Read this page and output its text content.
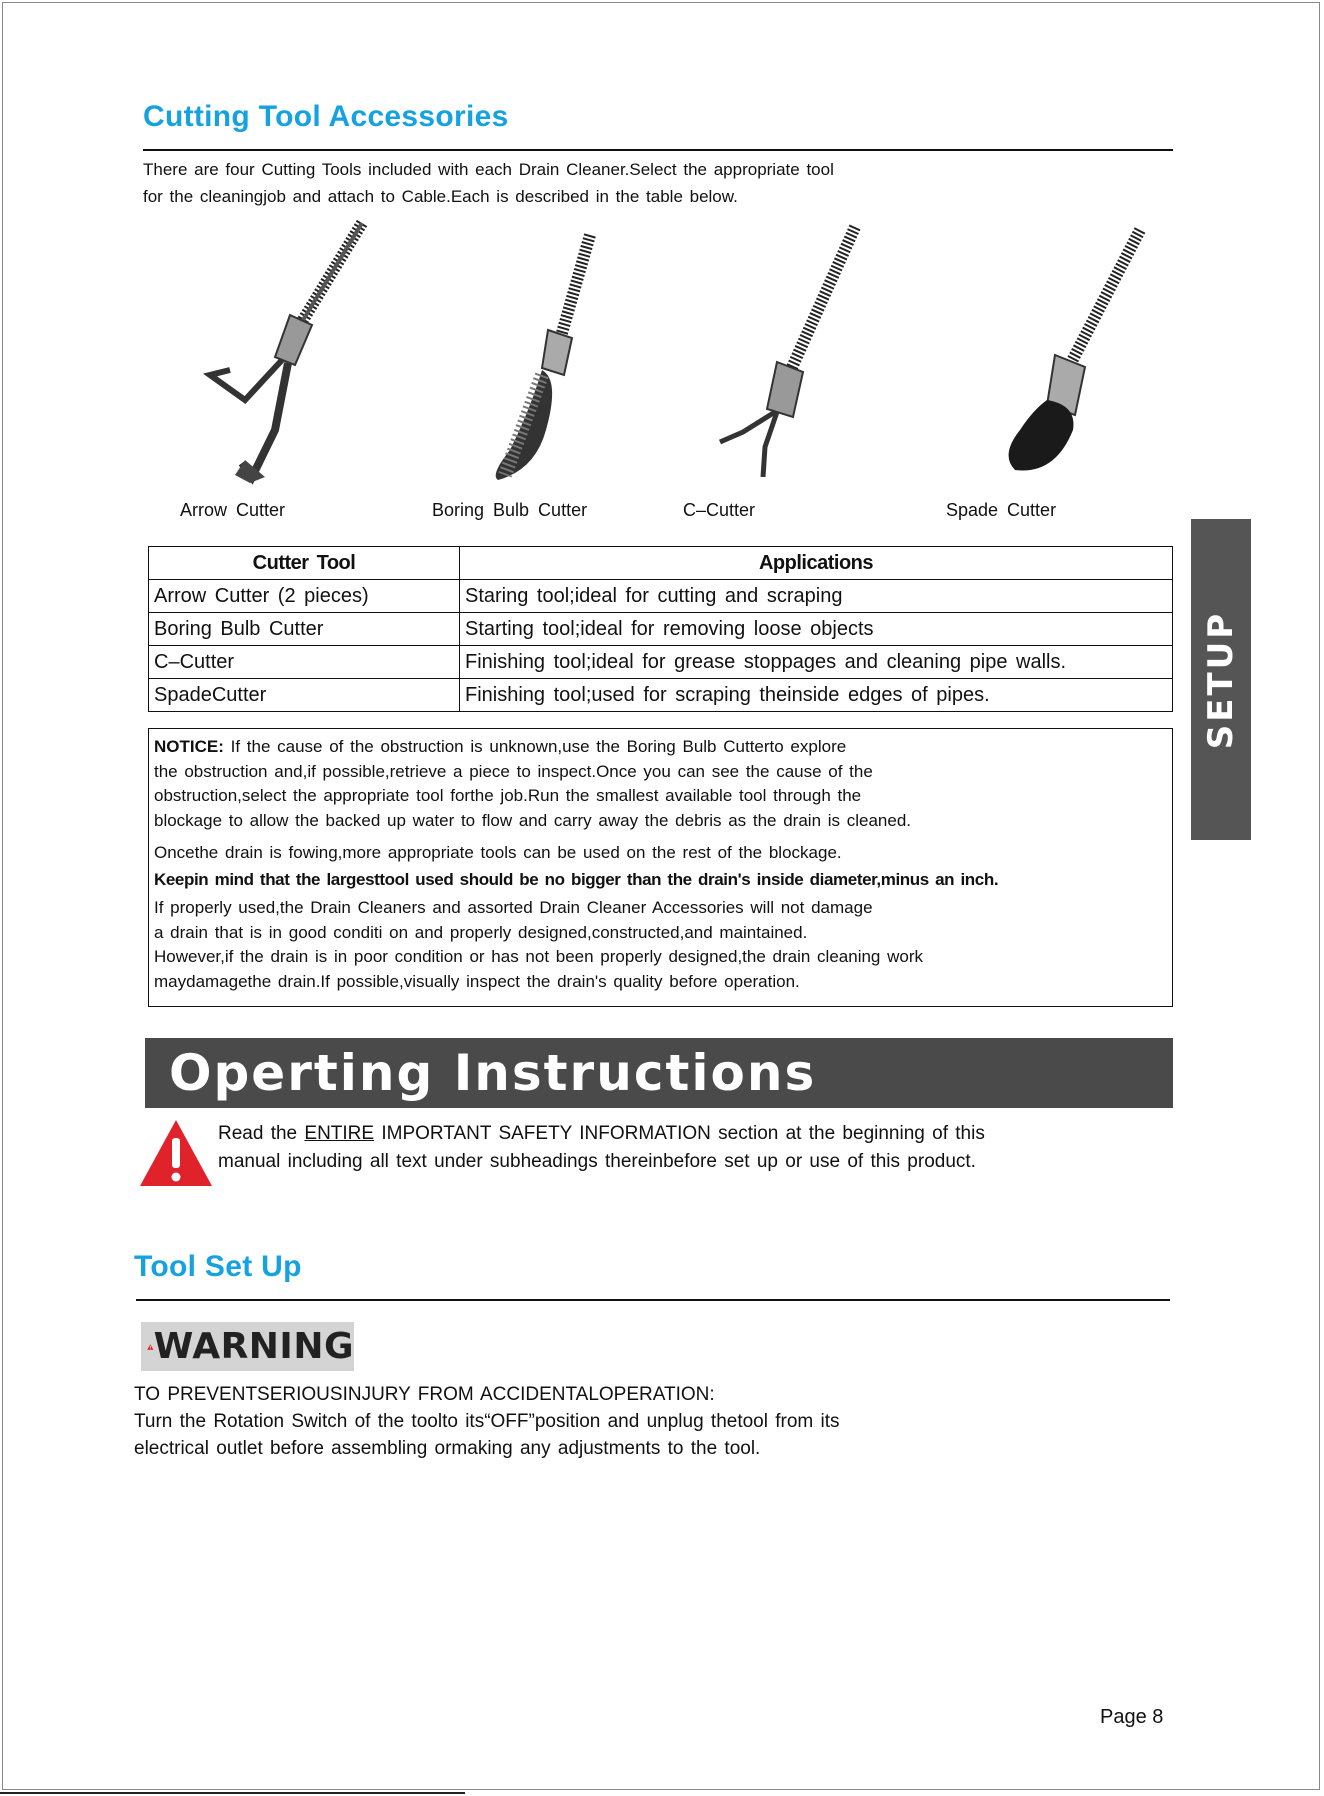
Cutting Tool Accessories
There are four Cutting Tools included with each Drain Cleaner.Select the appropriate tool
for the cleaningjob and attach to Cable.Each is described in the table below.
Arrow Cutter	Boring Bulb Cutter	C–Cutter	Spade Cutter
Cutter Tool	Applications
Arrow Cutter (2 pieces)	Staring tool;ideal for cutting and scraping
Boring Bulb Cutter	Starting tool;ideal for removing loose objects
C–Cutter	Finishing tool;ideal for grease stoppages and cleaning pipe walls.
SpadeCutter	Finishing tool;used for scraping theinside edges of pipes.

NOTICE: If the cause of the obstruction is unknown,use the Boring Bulb Cutterto explore

the obstruction and,if possible,retrieve a piece to inspect.Once you can see the cause of the

obstruction,select the appropriate tool forthe job.Run the smallest available tool through the

blockage to allow the backed up water to flow and carry away the debris as the drain is cleaned.

Oncethe drain is fowing,more appropriate tools can be used on the rest of the blockage.

Keepin mind that the largesttool used should be no bigger than the drain's inside diameter,minus an inch.

If properly used,the Drain Cleaners and assorted Drain Cleaner Accessories will not damage

a drain that is in good conditi on and properly designed,constructed,and maintained.

However,if the drain is in poor condition or has not been properly designed,the drain cleaning work

maydamagethe drain.If possible,visually inspect the drain's quality before operation.

Operting Instructions
Read the ENTIRE IMPORTANT SAFETY INFORMATION section at the beginning of this
manual including all text under subheadings thereinbefore set up or use of this product.
Tool Set Up
WARNING
TO PREVENTSERIOUSINJURY FROM ACCIDENTALOPERATION:
Turn the Rotation Switch of the toolto its“OFF”position and unplug thetool from its
electrical outlet before assembling ormaking any adjustments to the tool.
SETUP
Page 8
